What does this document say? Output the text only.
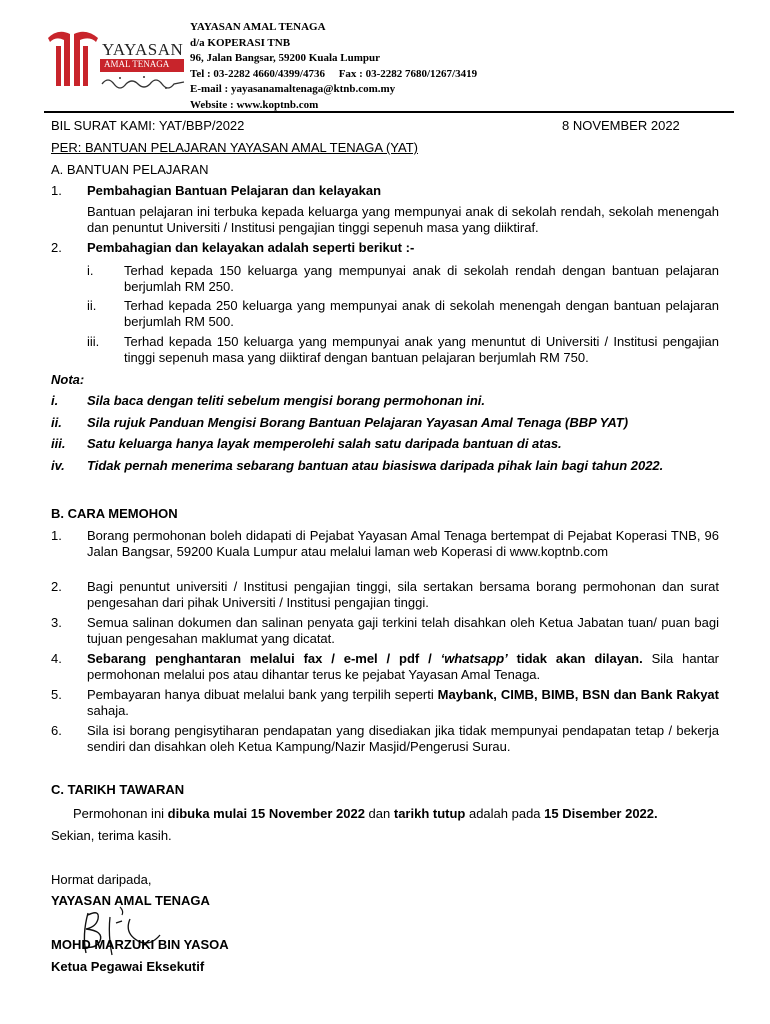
YAYASAN
AMAL TENAGA
YAYASAN AMAL TENAGA
d/a KOPERASI TNB
96, Jalan Bangsar, 59200 Kuala Lumpur
Tel : 03-2282 4660/4399/4736     Fax : 03-2282 7680/1267/3419
E-mail : yayasanamaltenaga@ktnb.com.my
Website : www.koptnb.com
BIL SURAT KAMI: YAT/BBP/2022	8 NOVEMBER 2022
PER: BANTUAN PELAJARAN YAYASAN AMAL TENAGA (YAT)
A. BANTUAN PELAJARAN
1. Pembahagian Bantuan Pelajaran dan kelayakan
Bantuan pelajaran ini terbuka kepada keluarga yang mempunyai anak di sekolah rendah, sekolah menengah dan penuntut Universiti / Institusi pengajian tinggi sepenuh masa yang diiktiraf.
2. Pembahagian dan kelayakan adalah seperti berikut :-
i. Terhad kepada 150 keluarga yang mempunyai anak di sekolah rendah dengan bantuan pelajaran berjumlah RM 250.
ii. Terhad kepada 250 keluarga yang mempunyai anak di sekolah menengah dengan bantuan pelajaran berjumlah RM 500.
iii. Terhad kepada 150 keluarga yang mempunyai anak yang menuntut di Universiti / Institusi pengajian tinggi sepenuh masa yang diiktiraf dengan bantuan pelajaran berjumlah RM 750.
Nota:
i. Sila baca dengan teliti sebelum mengisi borang permohonan ini.
ii. Sila rujuk Panduan Mengisi Borang Bantuan Pelajaran Yayasan Amal Tenaga (BBP YAT)
iii. Satu keluarga hanya layak memperolehi salah satu daripada bantuan di atas.
iv. Tidak pernah menerima sebarang bantuan atau biasiswa daripada pihak lain bagi tahun 2022.
B. CARA MEMOHON
1. Borang permohonan boleh didapati di Pejabat Yayasan Amal Tenaga bertempat di Pejabat Koperasi TNB, 96 Jalan Bangsar, 59200 Kuala Lumpur atau melalui laman web Koperasi di www.koptnb.com
2. Bagi penuntut universiti / Institusi pengajian tinggi, sila sertakan bersama borang permohonan dan surat pengesahan dari pihak Universiti / Institusi pengajian tinggi.
3. Semua salinan dokumen dan salinan penyata gaji terkini telah disahkan oleh Ketua Jabatan tuan/ puan bagi tujuan pengesahan maklumat yang dicatat.
4. Sebarang penghantaran melalui fax / e-mel / pdf / ‘whatsapp’ tidak akan dilayan. Sila hantar permohonan melalui pos atau dihantar terus ke pejabat Yayasan Amal Tenaga.
5. Pembayaran hanya dibuat melalui bank yang terpilih seperti Maybank, CIMB, BIMB, BSN dan Bank Rakyat sahaja.
6. Sila isi borang pengisytiharan pendapatan yang disediakan jika tidak mempunyai pendapatan tetap / bekerja sendiri dan disahkan oleh Ketua Kampung/Nazir Masjid/Pengerusi Surau.
C. TARIKH TAWARAN
Permohonan ini dibuka mulai 15 November 2022 dan tarikh tutup adalah pada 15 Disember 2022.
Sekian, terima kasih.
Hormat daripada,
YAYASAN AMAL TENAGA
MOHD MARZUKI BIN YASOA
Ketua Pegawai Eksekutif
